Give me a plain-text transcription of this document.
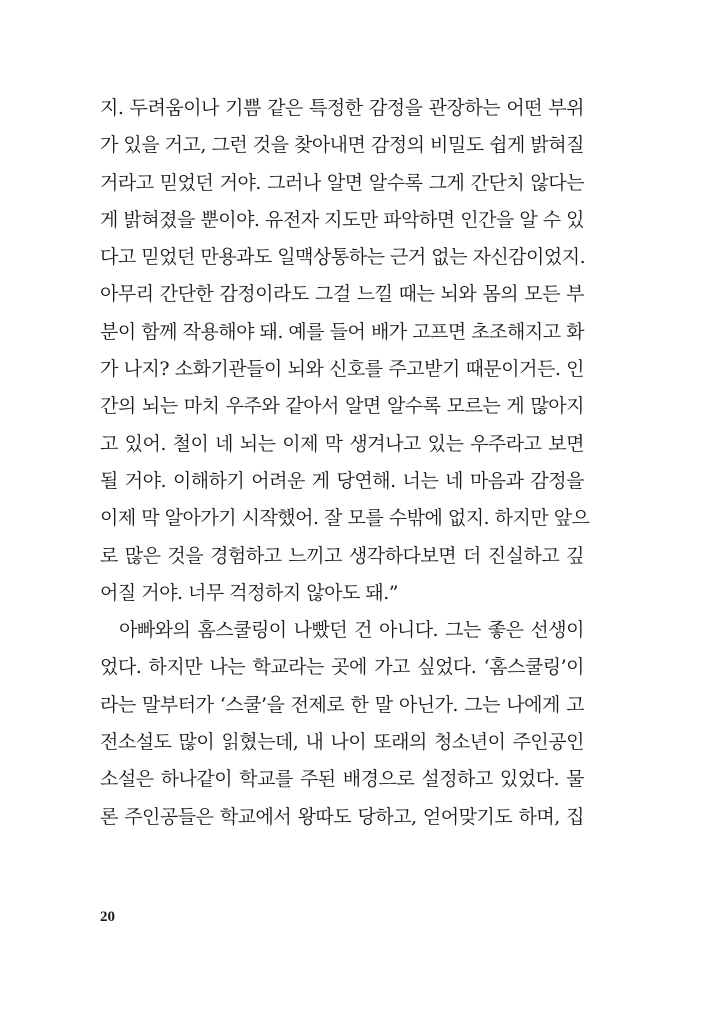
지. 두려움이나 기쁨 같은 특정한 감정을 관장하는 어떤 부위
가 있을 거고, 그런 것을 찾아내면 감정의 비밀도 쉽게 밝혀질
거라고 믿었던 거야. 그러나 알면 알수록 그게 간단치 않다는
게 밝혀졌을 뿐이야. 유전자 지도만 파악하면 인간을 알 수 있
다고 믿었던 만용과도 일맥상통하는 근거 없는 자신감이었지.
아무리 간단한 감정이라도 그걸 느낄 때는 뇌와 몸의 모든 부
분이 함께 작용해야 돼. 예를 들어 배가 고프면 초조해지고 화
가 나지? 소화기관들이 뇌와 신호를 주고받기 때문이거든. 인
간의 뇌는 마치 우주와 같아서 알면 알수록 모르는 게 많아지
고 있어. 철이 네 뇌는 이제 막 생겨나고 있는 우주라고 보면
될 거야. 이해하기 어려운 게 당연해. 너는 네 마음과 감정을
이제 막 알아가기 시작했어. 잘 모를 수밖에 없지. 하지만 앞으
로 많은 것을 경험하고 느끼고 생각하다보면 더 진실하고 깊
어질 거야. 너무 걱정하지 않아도 돼.”
아빠와의 홈스쿨링이 나빴던 건 아니다. 그는 좋은 선생이
었다. 하지만 나는 학교라는 곳에 가고 싶었다. ‘홈스쿨링’이
라는 말부터가 ‘스쿨’을 전제로 한 말 아닌가. 그는 나에게 고
전소설도 많이 읽혔는데, 내 나이 또래의 청소년이 주인공인
소설은 하나같이 학교를 주된 배경으로 설정하고 있었다. 물
론 주인공들은 학교에서 왕따도 당하고, 얻어맞기도 하며, 집
20
